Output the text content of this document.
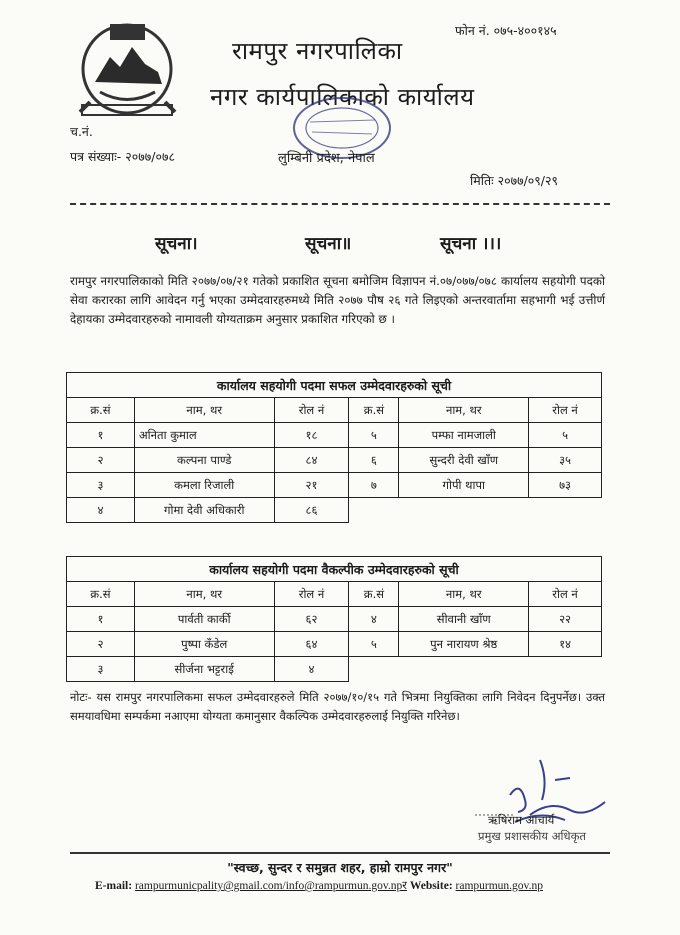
फोन नं. ०७५-४००१४५
रामपुर नगरपालिका
नगर कार्यपालिकाको कार्यालय
च.नं.
पत्र संख्याः- २०७७/०७८	लुम्बिनी प्रदेश, नेपाल
मितिः २०७७/०९/२९
सूचना।	सूचना॥	सूचना ।।।
रामपुर नगरपालिकाको मिति २०७७/०७/२१ गतेको प्रकाशित सूचना बमोजिम विज्ञापन नं.०७/०७७/०७८ कार्यालय सहयोगी पदको सेवा करारका लागि आवेदन गर्नु भएका उम्मेदवारहरुमध्ये मिति २०७७ पौष २६ गते लिइएको अन्तरवार्तामा सहभागी भई उत्तीर्ण देहायका उम्मेदवारहरुको नामावली योग्यताक्रम अनुसार प्रकाशित गरिएको छ ।
कार्यालय सहयोगी पदमा सफल उम्मेदवारहरुको सूची					
क्र.सं	नाम, थर	रोल नं	क्र.सं	नाम, थर	रोल नं
१	अनिता कुमाल	१८	५	पम्फा नामजाली	५
२	कल्पना पाण्डे	८४	६	सुन्दरी देवी खाँण	३५
३	कमला रिजाली	२१	७	गोपी थापा	७३
४	गोमा देवी अधिकारी	८६			
कार्यालय सहयोगी पदमा वैकल्पीक उम्मेदवारहरुको सूची					
क्र.सं	नाम, थर	रोल नं	क्र.सं	नाम, थर	रोल नं
१	पार्वती कार्की	६२	४	सीवानी खाँण	२२
२	पुष्पा कँडेल	६४	५	पुन नारायण श्रेष्ठ	१४
३	सीर्जना भट्टराई	४			
नोटः- यस रामपुर नगरपालिकमा सफल उम्मेदवारहरुले मिति २०७७/१०/१५ गते भित्रमा नियुक्तिका लागि निवेदन दिनुपर्नेछ। उक्त समयावधिमा सम्पर्कमा नआएमा योग्यता कमानुसार वैकल्पिक उम्मेदवारहरुलाई नियुक्ति गरिनेछ।
ऋषिराम आचार्य
प्रमुख प्रशासकीय अधिकृत
"स्वच्छ, सुन्दर र समुन्नत शहर, हाम्रो रामपुर नगर"
E-mail: rampurmunicpality@gmail.com/info@rampurmun.gov.npर Website: rampurmun.gov.np
